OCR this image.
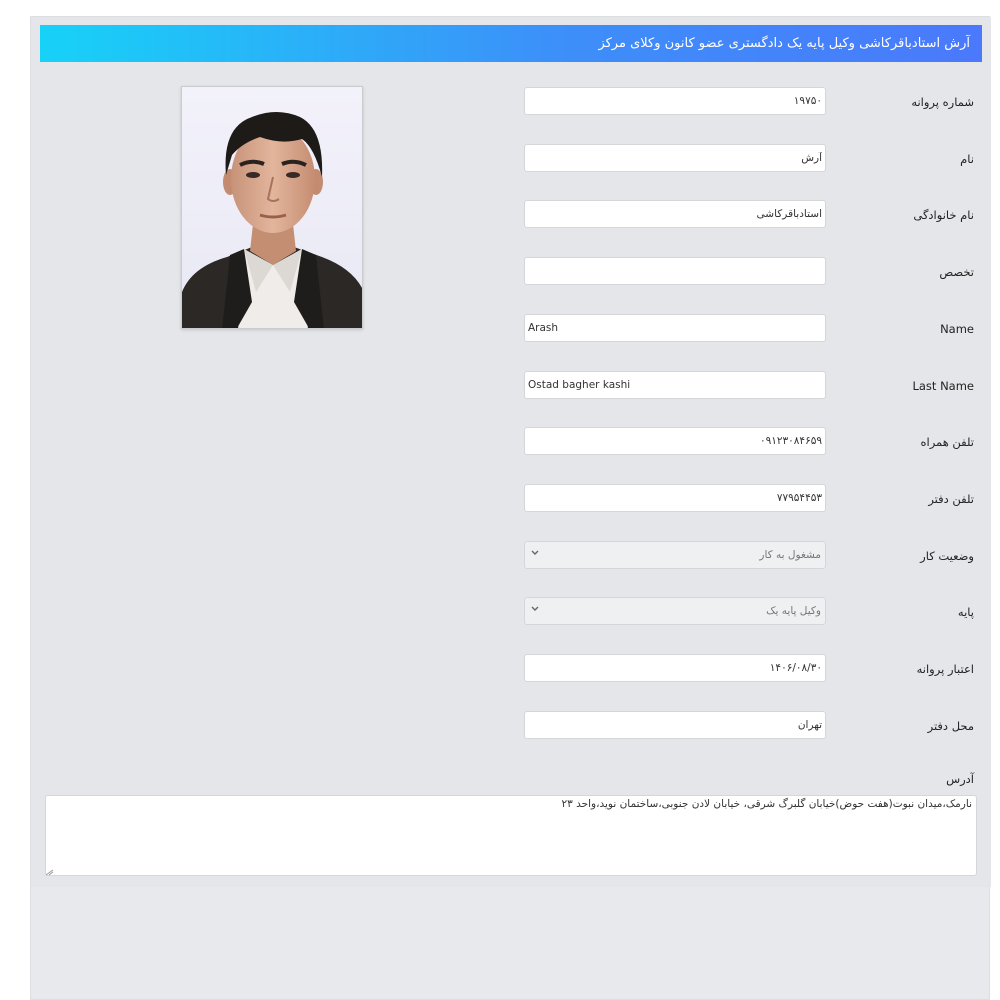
آرش استادباقرکاشی وکیل پایه یک دادگستری عضو کانون وکلای مرکز
شماره پروانه
۱۹۷۵۰
نام
آرش
نام خانوادگی
استادباقرکاشی
تخصص
Name
Arash
Last Name
Ostad bagher kashi
تلفن همراه
۰۹۱۲۳۰۸۴۶۵۹
تلفن دفتر
۷۷۹۵۴۴۵۳
وضعیت کار
مشغول به کار
پایه
وکیل پایه یک
اعتبار پروانه
۱۴۰۶/۰۸/۳۰
محل دفتر
تهران
آدرس
نارمک،میدان نبوت(هفت حوض)خیابان گلبرگ شرقی، خیابان لادن جنوبی،ساختمان نوید،واحد ۲۳
